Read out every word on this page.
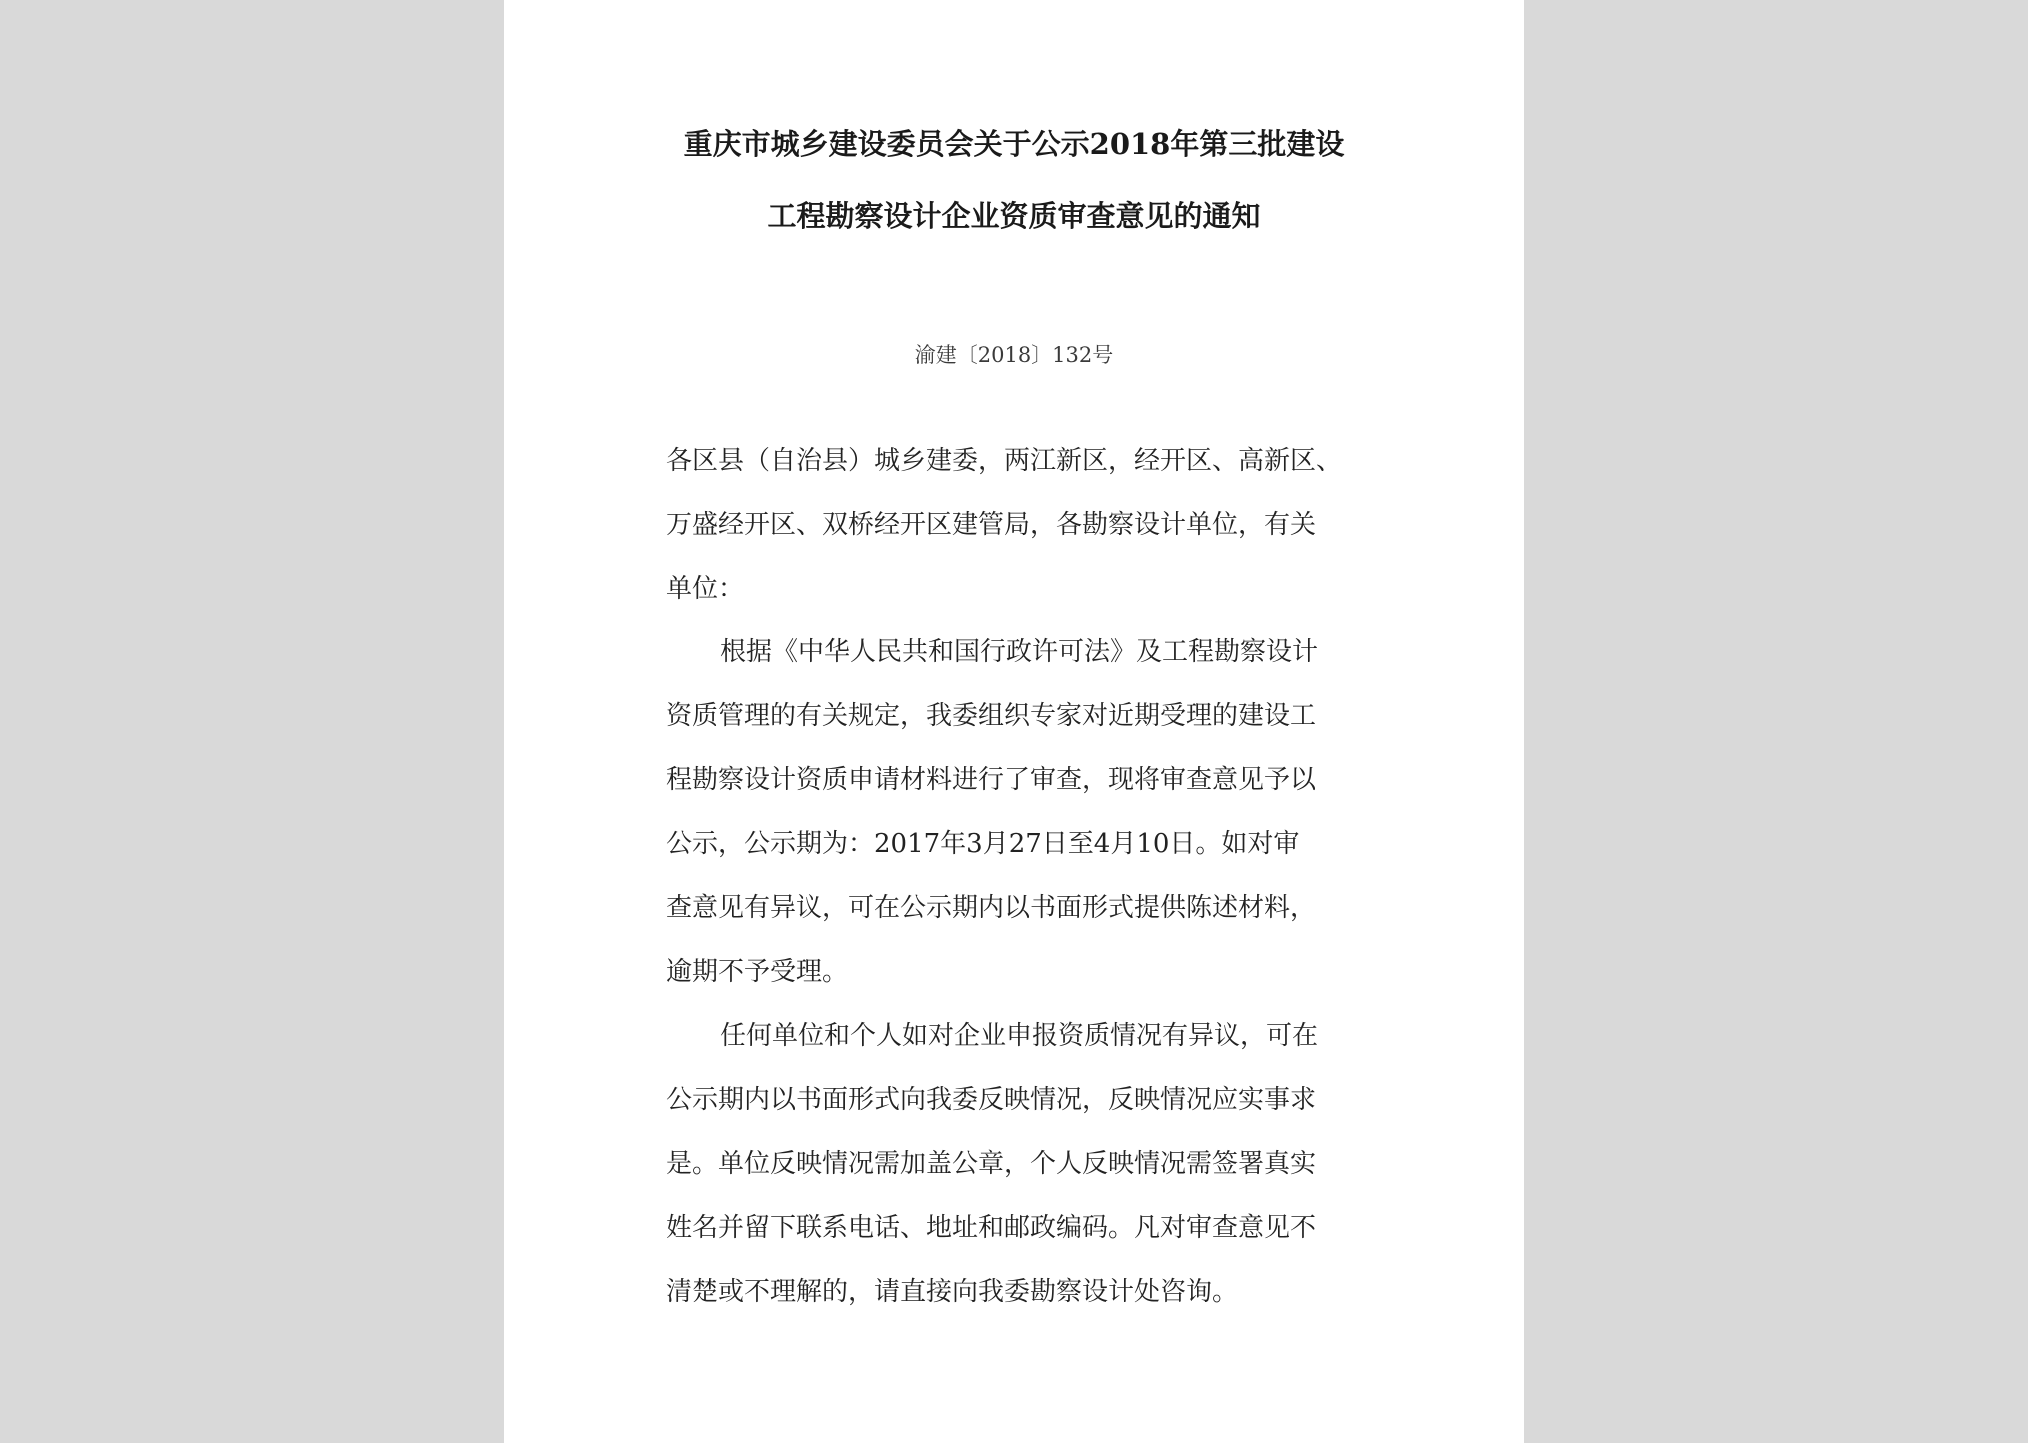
重庆市城乡建设委员会关于公示2018年第三批建设
工程勘察设计企业资质审查意见的通知
渝建〔2018〕132号
各区县（自治县）城乡建委，两江新区，经开区、高新区、
万盛经开区、双桥经开区建管局，各勘察设计单位，有关
单位：
根据《中华人民共和国行政许可法》及工程勘察设计
资质管理的有关规定，我委组织专家对近期受理的建设工
程勘察设计资质申请材料进行了审查，现将审查意见予以
公示，公示期为：2017年3月27日至4月10日。如对审
查意见有异议，可在公示期内以书面形式提供陈述材料，
逾期不予受理。
任何单位和个人如对企业申报资质情况有异议，可在
公示期内以书面形式向我委反映情况，反映情况应实事求
是。单位反映情况需加盖公章，个人反映情况需签署真实
姓名并留下联系电话、地址和邮政编码。凡对审查意见不
清楚或不理解的，请直接向我委勘察设计处咨询。
